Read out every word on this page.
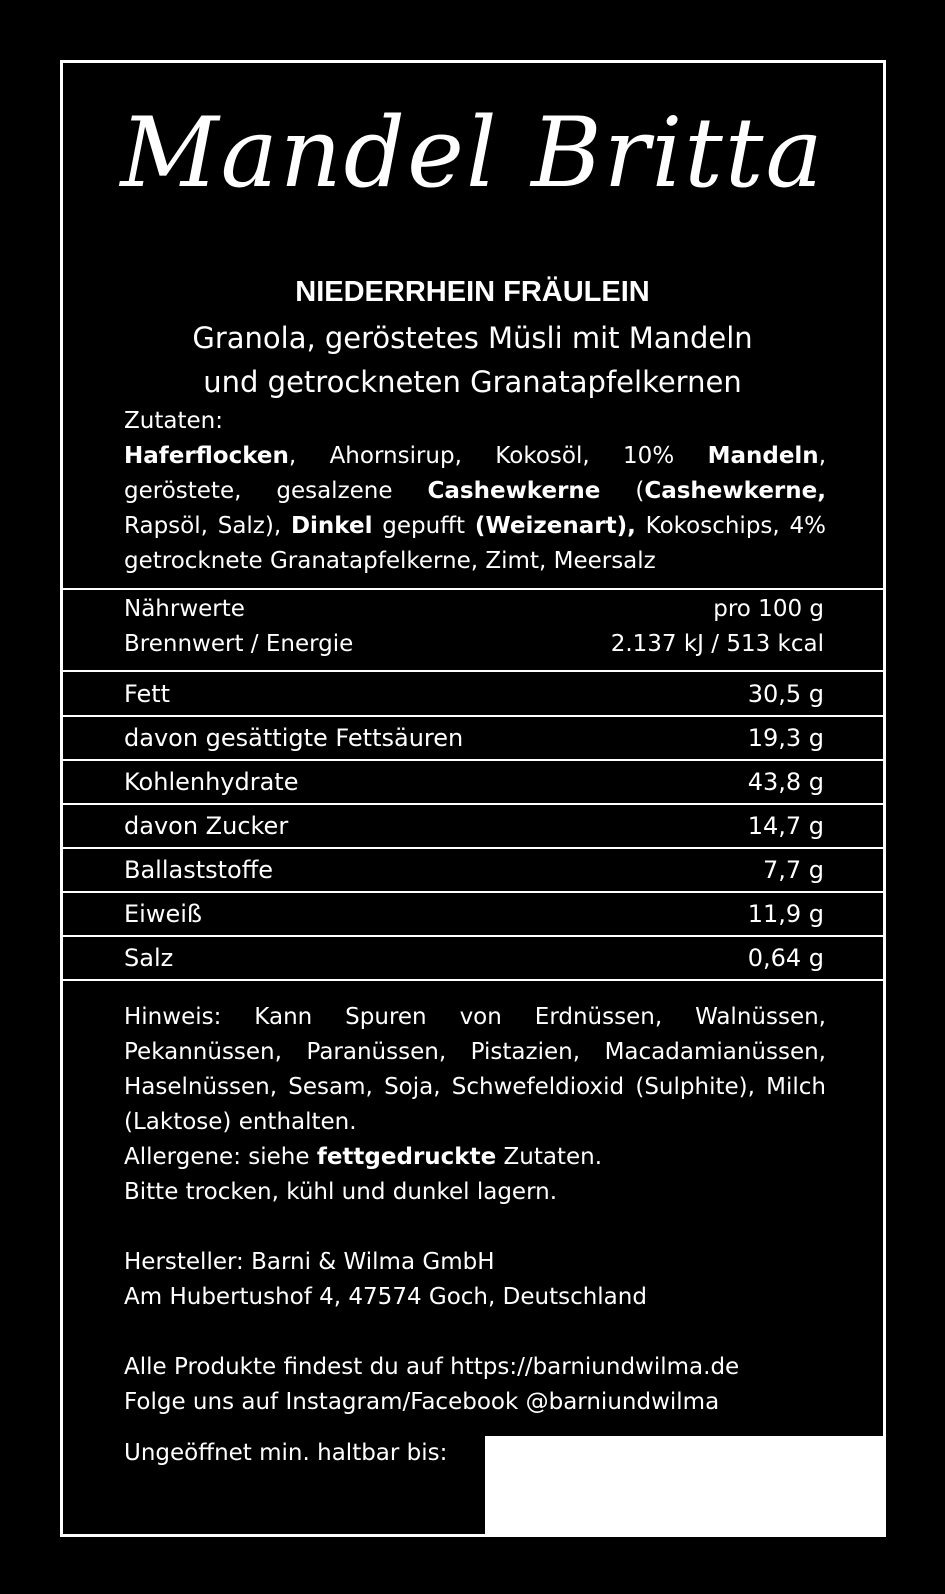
Mandel Britta
NIEDERRHEIN FRÄULEIN
Granola, geröstetes Müsli mit Mandeln
und getrockneten Granatapfelkernen
Zutaten:
Haferflocken, Ahornsirup, Kokosöl, 10% Mandeln, geröstete, gesalzene Cashewkerne (Cashewkerne, Rapsöl, Salz), Dinkel gepufft (Weizenart), Kokoschips, 4% getrocknete Granatapfelkerne, Zimt, Meersalz
Nährwerte	pro 100 g
Brennwert / Energie	2.137 kJ / 513 kcal
Fett	30,5 g
davon gesättigte Fettsäuren	19,3 g
Kohlenhydrate	43,8 g
davon Zucker	14,7 g
Ballaststoffe	7,7 g
Eiweiß	11,9 g
Salz	0,64 g

Hinweis: Kann Spuren von Erdnüssen, Walnüssen, Pekannüssen, Paranüssen, Pistazien, Macadamianüssen, Haselnüssen, Sesam, Soja, Schwefeldioxid (Sulphite), Milch (Laktose) enthalten.

Allergene: siehe fettgedruckte Zutaten.

Bitte trocken, kühl und dunkel lagern.

Hersteller: Barni & Wilma GmbH

Am Hubertushof 4, 47574 Goch, Deutschland

Alle Produkte findest du auf https://barniundwilma.de

Folge uns auf Instagram/Facebook @barniundwilma

Ungeöffnet min. haltbar bis:
